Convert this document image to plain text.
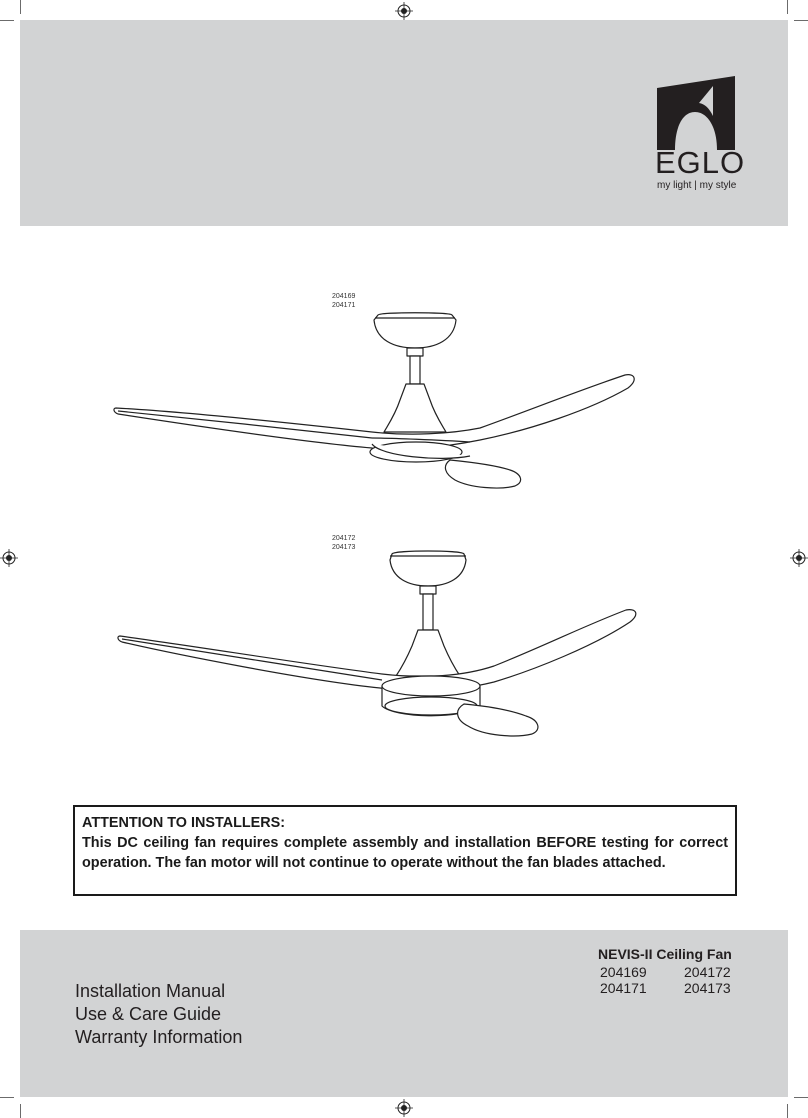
EGLO
my light | my style
204169
204171
204172
204173
ATTENTION TO INSTALLERS:
This DC ceiling fan requires complete assembly and installation BEFORE testing for correct operation. The fan motor will not continue to operate without the fan blades attached.
Installation Manual
Use & Care Guide
Warranty Information
NEVIS-II Ceiling Fan
204169	204172
204171	204173
